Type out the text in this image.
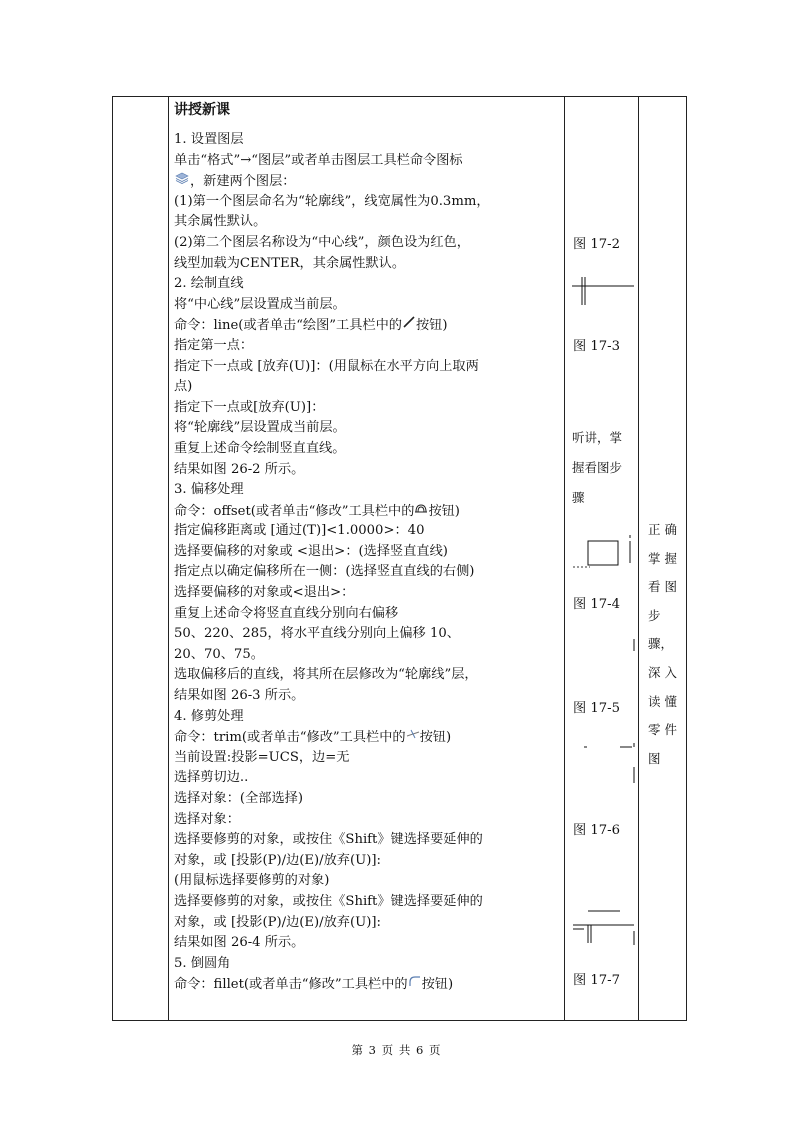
讲授新课
1. 设置图层
单击“格式”→“图层”或者单击图层工具栏命令图标
，新建两个图层：
(1)第一个图层命名为“轮廓线”，线宽属性为0.3mm，
其余属性默认。
(2)第二个图层名称设为“中心线”，颜色设为红色，
线型加载为CENTER，其余属性默认。
2. 绘制直线
将“中心线”层设置成当前层。
命令：line(或者单击“绘图”工具栏中的 按钮)
指定第一点：
指定下一点或 [放弃(U)]：(用鼠标在水平方向上取两
点)
指定下一点或[放弃(U)]：
将“轮廓线”层设置成当前层。
重复上述命令绘制竖直直线。
结果如图 26-2 所示。
3. 偏移处理
命令：offset(或者单击“修改”工具栏中的 按钮)
指定偏移距离或 [通过(T)]<1.0000>：40
选择要偏移的对象或 <退出>：(选择竖直直线)
指定点以确定偏移所在一侧：(选择竖直直线的右侧)
选择要偏移的对象或<退出>：
重复上述命令将竖直直线分别向右偏移
50、220、285，将水平直线分别向上偏移 10、
20、70、75。
选取偏移后的直线，将其所在层修改为“轮廓线”层，
结果如图 26-3 所示。
4. 修剪处理
命令：trim(或者单击“修改”工具栏中的 按钮)
当前设置:投影=UCS，边=无
选择剪切边..
选择对象：(全部选择)
选择对象：
选择要修剪的对象，或按住《Shift》键选择要延伸的
对象，或 [投影(P)/边(E)/放弃(U)]:
(用鼠标选择要修剪的对象)
选择要修剪的对象，或按住《Shift》键选择要延伸的
对象，或 [投影(P)/边(E)/放弃(U)]:
结果如图 26-4 所示。
5. 倒圆角
命令：fillet(或者单击“修改”工具栏中的 按钮)
图 17-2
图 17-3
听讲，掌
握看图步
骤
图 17-4
图 17-5
图 17-6
图 17-7
正 确
掌 握
看 图
步
骤，
深 入
读 懂
零 件
图
第 3 页 共 6 页
